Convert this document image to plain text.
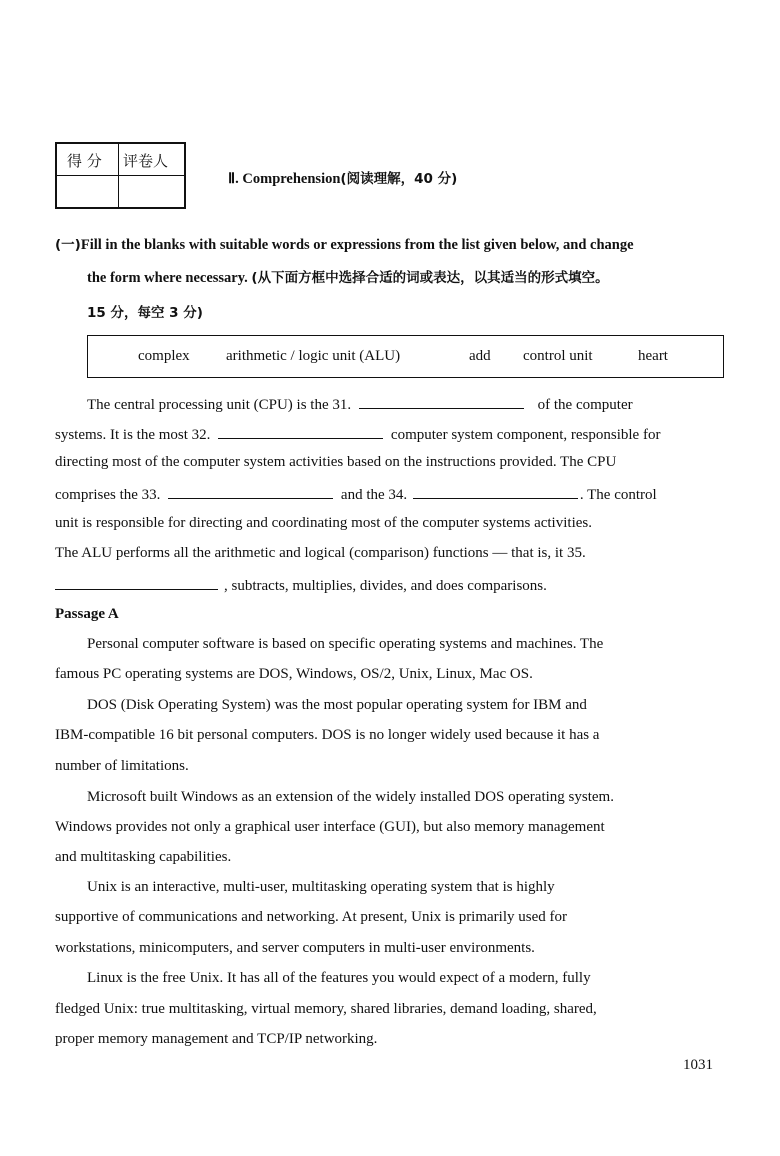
得 分 评卷人
Ⅱ. Comprehension(阅读理解，40 分)
(一)Fill in the blanks with suitable words or expressions from the list given below, and change
the form where necessary. (从下面方框中选择合适的词或表达，以其适当的形式填空。
15 分，每空 3 分)
complex arithmetic / logic unit (ALU)	add control unit	heart
The central processing unit (CPU) is the 31.	of the computer
systems. It is the most 32.	computer system component, responsible for
directing most of the computer system activities based on the instructions provided. The CPU
comprises the 33.	and the 34.	. The control
unit is responsible for directing and coordinating most of the computer systems activities.
The ALU performs all the arithmetic and logical (comparison) functions — that is, it 35.
, subtracts, multiplies, divides, and does comparisons.
Passage A
Personal computer software is based on specific operating systems and machines. The
famous PC operating systems are DOS, Windows, OS/2, Unix, Linux, Mac OS.
DOS (Disk Operating System) was the most popular operating system for IBM and
IBM-compatible 16 bit personal computers. DOS is no longer widely used because it has a
number of limitations.
Microsoft built Windows as an extension of the widely installed DOS operating system.
Windows provides not only a graphical user interface (GUI), but also memory management
and multitasking capabilities.
Unix is an interactive, multi-user, multitasking operating system that is highly
supportive of communications and networking. At present, Unix is primarily used for
workstations, minicomputers, and server computers in multi-user environments.
Linux is the free Unix. It has all of the features you would expect of a modern, fully
fledged Unix: true multitasking, virtual memory, shared libraries, demand loading, shared,
proper memory management and TCP/IP networking.
1031
